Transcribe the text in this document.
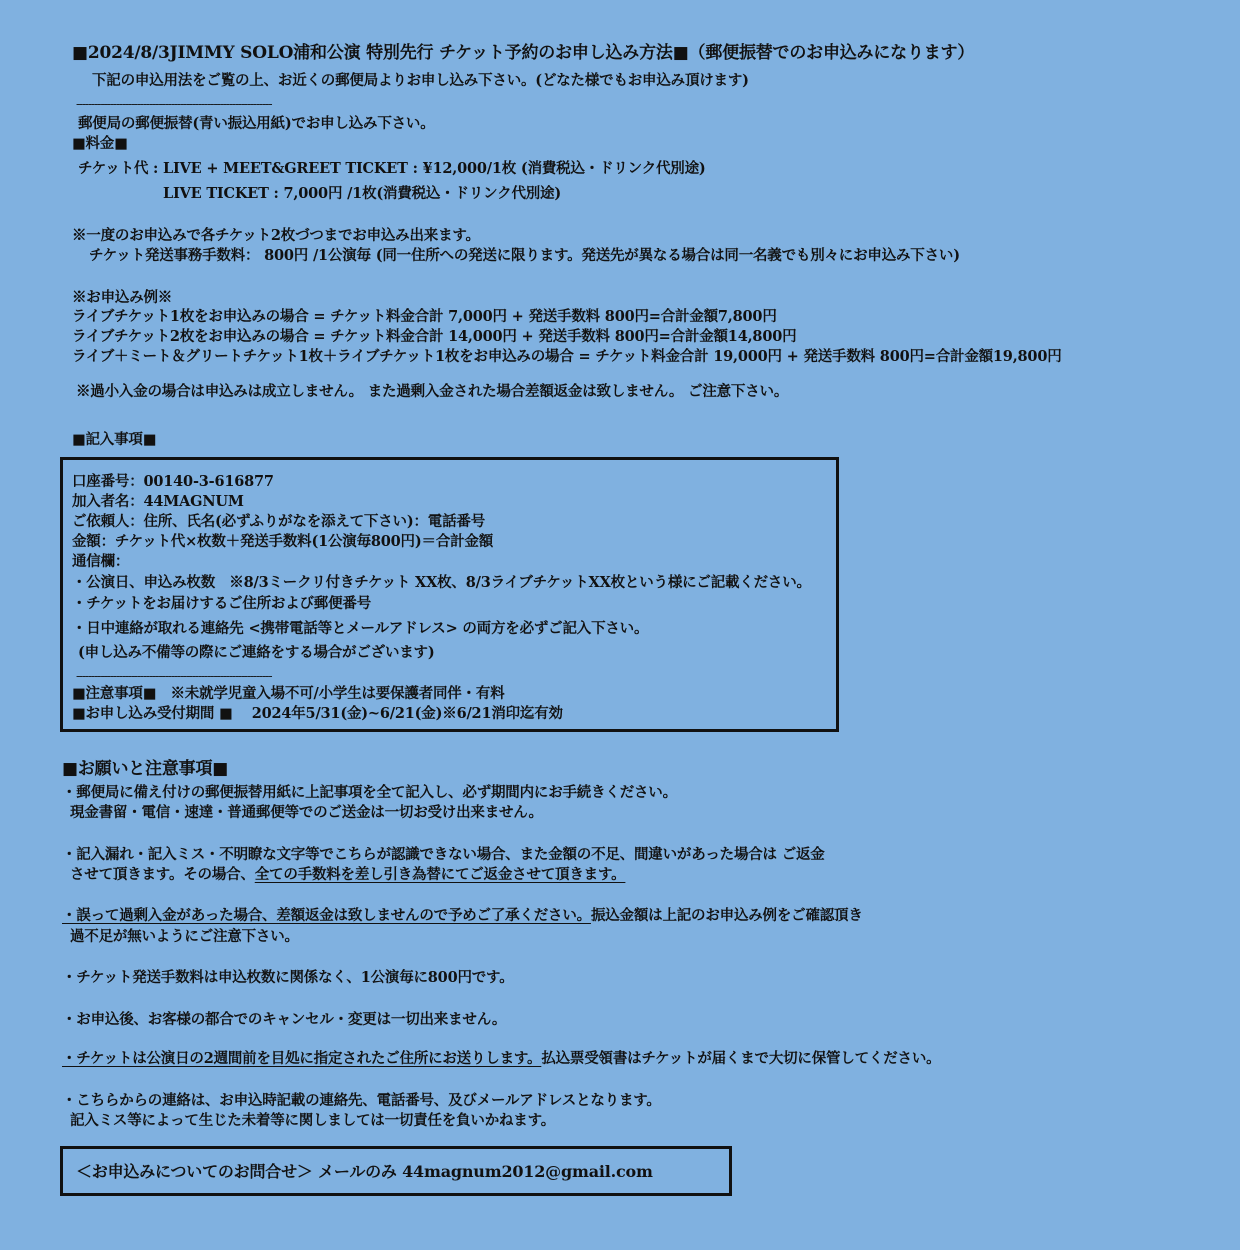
■2024/8/3JIMMY SOLO浦和公演 特別先行 チケット予約のお申し込み方法■（郵便振替でのお申込みになります）
下記の申込用法をご覧の上、お近くの郵便局よりお申し込み下さい。(どなた様でもお申込み頂けます)
----------------------------------------------------------------
郵便局の郵便振替(青い振込用紙)でお申し込み下さい。
■料金■
チケット代 : LIVE + MEET&GREET TICKET : ¥12,000/1枚 (消費税込・ドリンク代別途)
LIVE TICKET : 7,000円 /1枚(消費税込・ドリンク代別途)
※一度のお申込みで各チケット2枚づつまでお申込み出来ます。
チケット発送事務手数料： 800円 /1公演毎 (同一住所への発送に限ります。発送先が異なる場合は同一名義でも別々にお申込み下さい)
※お申込み例※
ライブチケット1枚をお申込みの場合 = チケット料金合計 7,000円 + 発送手数料 800円=合計金額7,800円
ライブチケット2枚をお申込みの場合 = チケット料金合計 14,000円 + 発送手数料 800円=合計金額14,800円
ライブ＋ミート＆グリートチケット1枚＋ライブチケット1枚をお申込みの場合 = チケット料金合計 19,000円 + 発送手数料 800円=合計金額19,800円
※過小入金の場合は申込みは成立しません。 また過剰入金された場合差額返金は致しません。 ご注意下さい。
■記入事項■
口座番号：00140-3-616877
加入者名：44MAGNUM
ご依頼人：住所、氏名(必ずふりがなを添えて下さい)：電話番号
金額：チケット代×枚数＋発送手数料(1公演毎800円)＝合計金額
通信欄：
・公演日、申込み枚数　※8/3ミークリ付きチケット XX枚、8/3ライブチケットXX枚という様にご記載ください。
・チケットをお届けするご住所および郵便番号
・日中連絡が取れる連絡先 <携帯電話等とメールアドレス> の両方を必ずご記入下さい。
(申し込み不備等の際にご連絡をする場合がございます)
----------------------------------------------------------------
■注意事項■　※未就学児童入場不可/小学生は要保護者同伴・有料
■お申し込み受付期間 ■　 2024年5/31(金)~6/21(金)※6/21消印迄有効
■お願いと注意事項■
・郵便局に備え付けの郵便振替用紙に上記事項を全て記入し、必ず期間内にお手続きください。
現金書留・電信・速達・普通郵便等でのご送金は一切お受け出来ません。
・記入漏れ・記入ミス・不明瞭な文字等でこちらが認識できない場合、また金額の不足、間違いがあった場合は ご返金
させて頂きます。その場合、全ての手数料を差し引き為替にてご返金させて頂きます。
・誤って過剰入金があった場合、差額返金は致しませんので予めご了承ください。振込金額は上記のお申込み例をご確認頂き
過不足が無いようにご注意下さい。
・チケット発送手数料は申込枚数に関係なく、1公演毎に800円です。
・お申込後、お客様の都合でのキャンセル・変更は一切出来ません。
・チケットは公演日の2週間前を目処に指定されたご住所にお送りします。払込票受領書はチケットが届くまで大切に保管してください。
・こちらからの連絡は、お申込時記載の連絡先、電話番号、及びメールアドレスとなります。
記入ミス等によって生じた未着等に関しましては一切責任を負いかねます。
＜お申込みについてのお問合せ＞ メールのみ 44magnum2012@gmail.com
